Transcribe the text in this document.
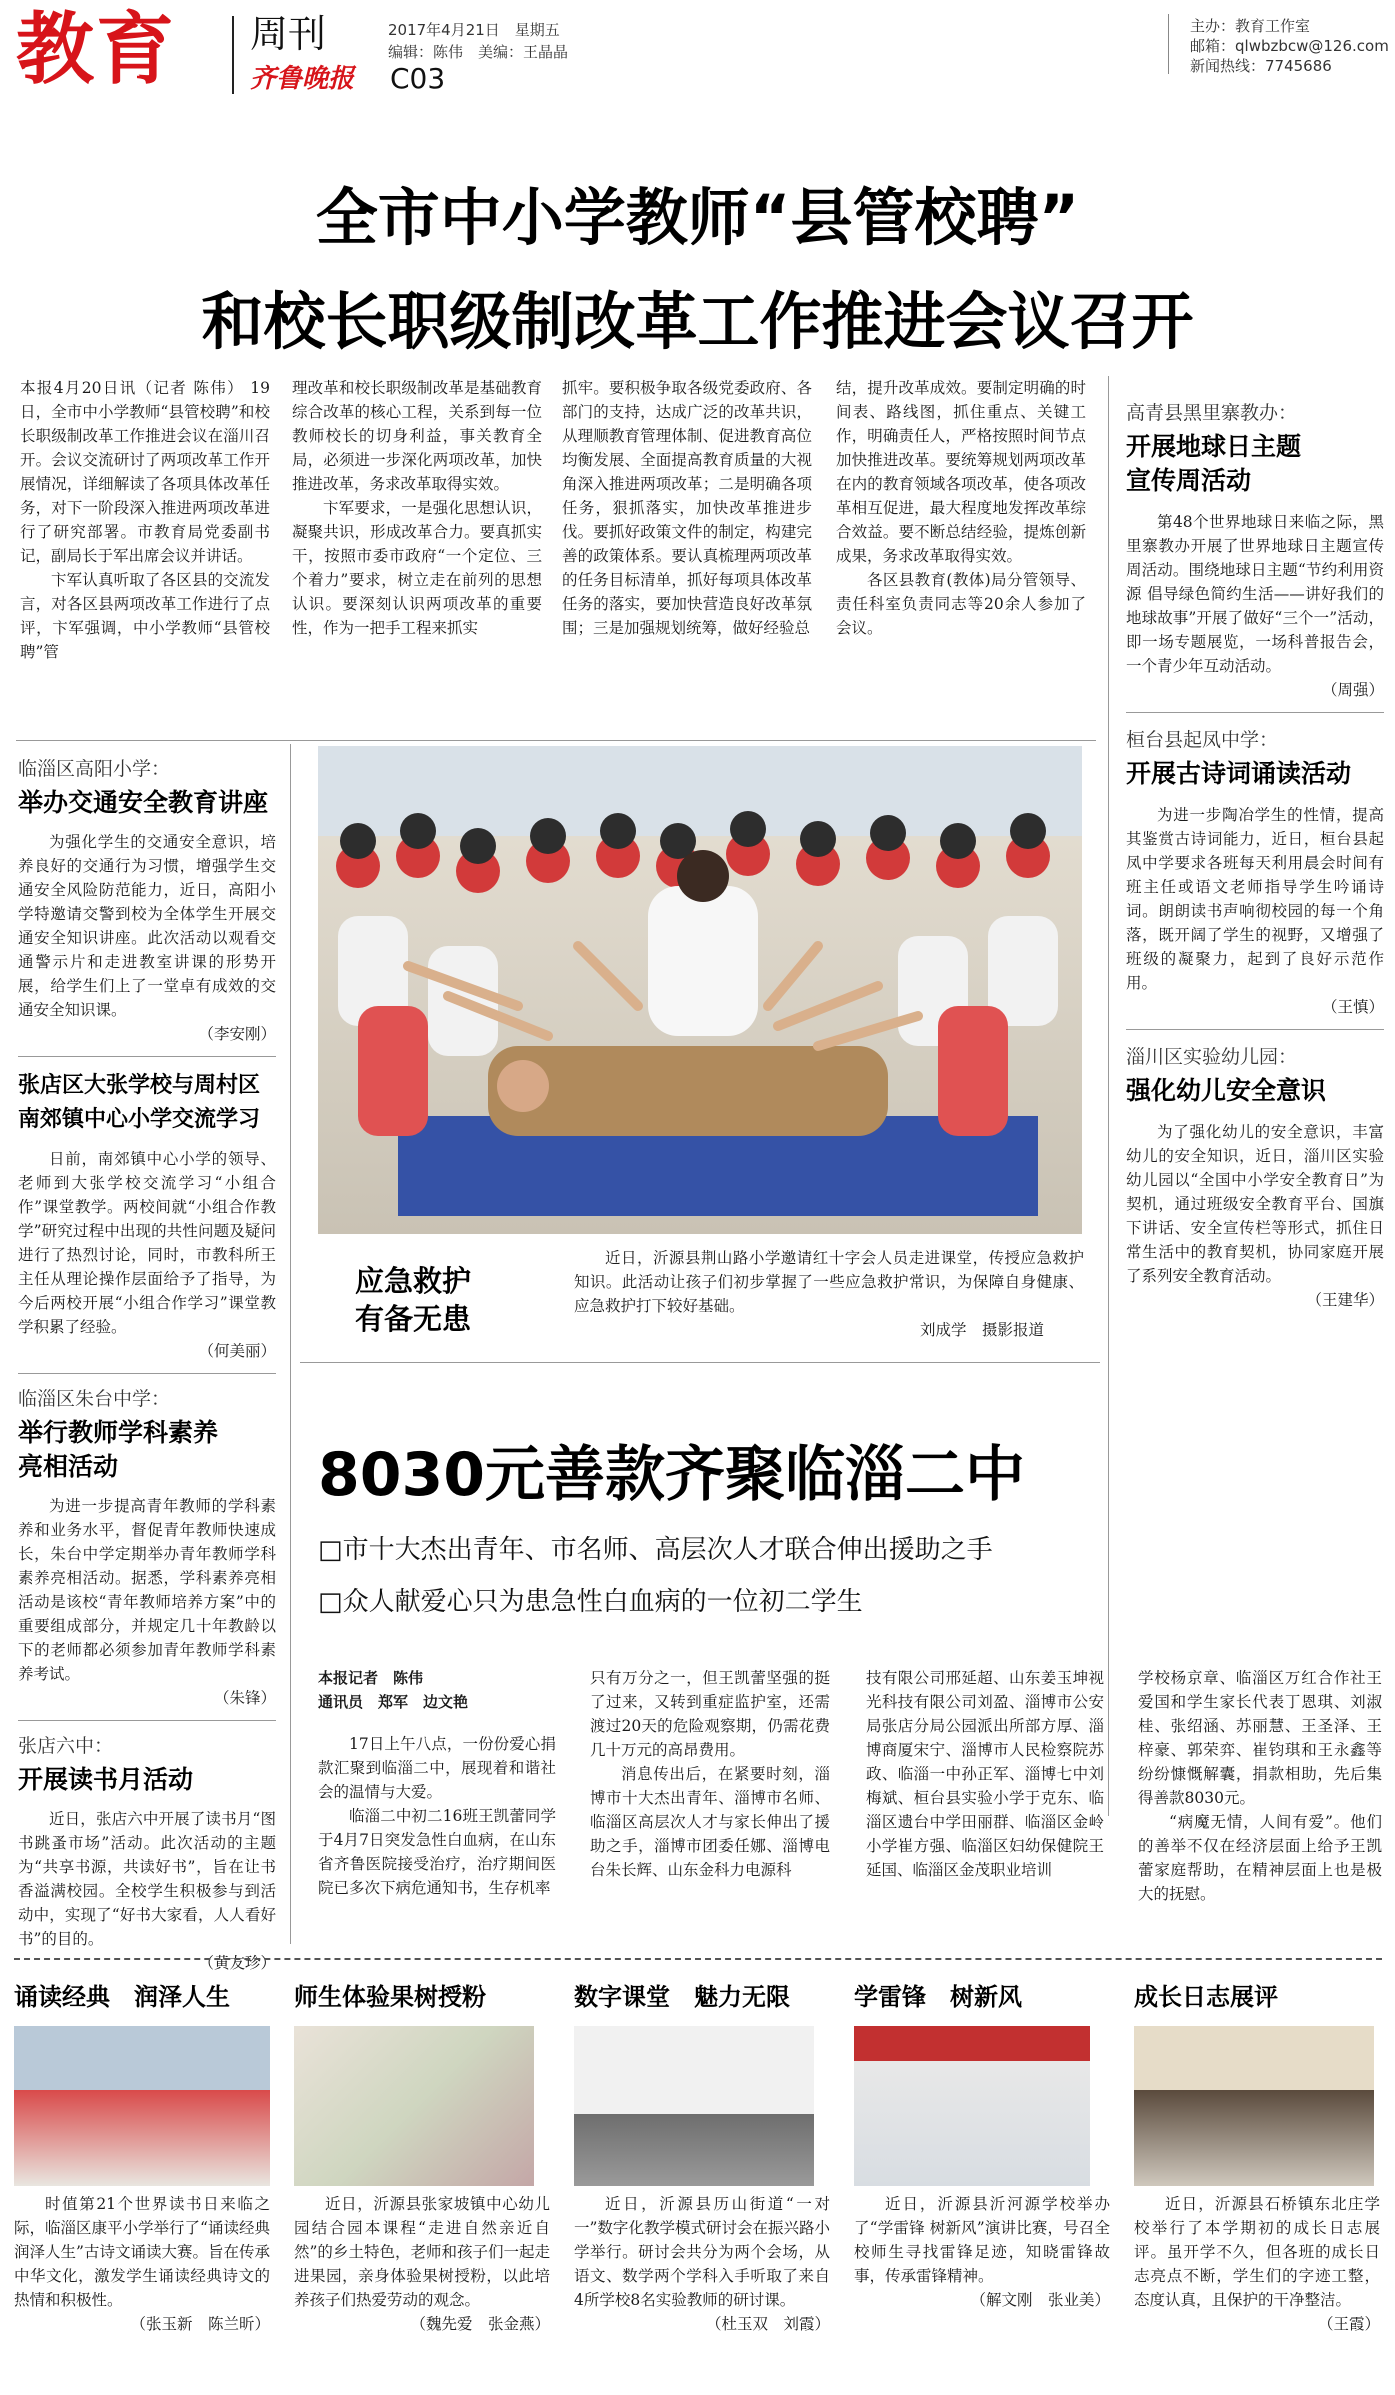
教育 周刊
齐鲁晚报 C03
2017年4月21日　星期五
编辑：陈伟　美编：王晶晶
主办：教育工作室
邮箱：qlwbzbcw@126.com
新闻热线：7745686
全市中小学教师“县管校聘”
和校长职级制改革工作推进会议召开

本报4月20日讯（记者 陈伟） 19日，全市中小学教师“县管校聘”和校长职级制改革工作推进会议在淄川召开。会议交流研讨了两项改革工作开展情况，详细解读了各项具体改革任务，对下一阶段深入推进两项改革进行了研究部署。市教育局党委副书记，副局长于军出席会议并讲话。

卞军认真听取了各区县的交流发言，对各区县两项改革工作进行了点评，卞军强调，中小学教师“县管校聘”管

理改革和校长职级制改革是基础教育综合改革的核心工程，关系到每一位教师校长的切身利益，事关教育全局，必须进一步深化两项改革，加快推进改革，务求改革取得实效。

卞军要求，一是强化思想认识，凝聚共识，形成改革合力。要真抓实干，按照市委市政府“一个定位、三个着力”要求，树立走在前列的思想认识。要深刻认识两项改革的重要性，作为一把手工程来抓实

抓牢。要积极争取各级党委政府、各部门的支持，达成广泛的改革共识，从理顺教育管理体制、促进教育高位均衡发展、全面提高教育质量的大视角深入推进两项改革；二是明确各项任务，狠抓落实，加快改革推进步伐。要抓好政策文件的制定，构建完善的政策体系。要认真梳理两项改革的任务目标清单，抓好每项具体改革任务的落实，要加快营造良好改革氛围；三是加强规划统筹，做好经验总

结，提升改革成效。要制定明确的时间表、路线图，抓住重点、关键工作，明确责任人，严格按照时间节点加快推进改革。要统筹规划两项改革在内的教育领域各项改革，使各项改革相互促进，最大程度地发挥改革综合效益。要不断总结经验，提炼创新成果，务求改革取得实效。

各区县教育(教体)局分管领导、责任科室负责同志等20余人参加了会议。

高青县黑里寨教办：
开展地球日主题
宣传周活动

第48个世界地球日来临之际，黑里寨教办开展了世界地球日主题宣传周活动。围绕地球日主题“节约利用资源 倡导绿色简约生活——讲好我们的地球故事”开展了做好“三个一”活动，即一场专题展览，一场科普报告会，一个青少年互动活动。

（周强）
桓台县起凤中学：
开展古诗词诵读活动

为进一步陶冶学生的性情，提高其鉴赏古诗词能力，近日，桓台县起凤中学要求各班每天利用晨会时间有班主任或语文老师指导学生吟诵诗词。朗朗读书声响彻校园的每一个角落，既开阔了学生的视野，又增强了班级的凝聚力，起到了良好示范作用。

（王慎）
淄川区实验幼儿园：
强化幼儿安全意识

为了强化幼儿的安全意识，丰富幼儿的安全知识，近日，淄川区实验幼儿园以“全国中小学安全教育日”为契机，通过班级安全教育平台、国旗下讲话、安全宣传栏等形式，抓住日常生活中的教育契机，协同家庭开展了系列安全教育活动。

（王建华）
临淄区高阳小学：
举办交通安全教育讲座

为强化学生的交通安全意识，培养良好的交通行为习惯，增强学生交通安全风险防范能力，近日，高阳小学特邀请交警到校为全体学生开展交通安全知识讲座。此次活动以观看交通警示片和走进教室讲课的形势开展，给学生们上了一堂卓有成效的交通安全知识课。

（李安刚）
张店区大张学校与周村区
南郊镇中心小学交流学习

日前，南郊镇中心小学的领导、老师到大张学校交流学习“小组合作”课堂教学。两校间就“小组合作教学”研究过程中出现的共性问题及疑问进行了热烈讨论，同时，市教科所王主任从理论操作层面给予了指导，为今后两校开展“小组合作学习”课堂教学积累了经验。

（何美丽）
临淄区朱台中学：
举行教师学科素养
亮相活动

为进一步提高青年教师的学科素养和业务水平，督促青年教师快速成长，朱台中学定期举办青年教师学科素养亮相活动。据悉，学科素养亮相活动是该校“青年教师培养方案”中的重要组成部分，并规定几十年教龄以下的老师都必须参加青年教师学科素养考试。

（朱锋）
张店六中：
开展读书月活动

近日，张店六中开展了读书月“图书跳蚤市场”活动。此次活动的主题为“共享书源，共读好书”，旨在让书香溢满校园。全校学生积极参与到活动中，实现了“好书大家看，人人看好书”的目的。

（黄友珍）
应急救护
有备无患

近日，沂源县荆山路小学邀请红十字会人员走进课堂，传授应急救护知识。此活动让孩子们初步掌握了一些应急救护常识，为保障自身健康、应急救护打下较好基础。

刘成学　摄影报道
8030元善款齐聚临淄二中
□市十大杰出青年、市名师、高层次人才联合伸出援助之手
□众人献爱心只为患急性白血病的一位初二学生
本报记者　陈伟
通讯员　郑军　边文艳

17日上午八点，一份份爱心捐款汇聚到临淄二中，展现着和谐社会的温情与大爱。

临淄二中初二16班王凯蕾同学于4月7日突发急性白血病，在山东省齐鲁医院接受治疗，治疗期间医院已多次下病危通知书，生存机率

只有万分之一，但王凯蕾坚强的挺了过来，又转到重症监护室，还需渡过20天的危险观察期，仍需花费几十万元的高昂费用。

消息传出后，在紧要时刻，淄博市十大杰出青年、淄博市名师、临淄区高层次人才与家长伸出了援助之手，淄博市团委任娜、淄博电台朱长辉、山东金科力电源科

技有限公司邢延超、山东姜玉坤视光科技有限公司刘盈、淄博市公安局张店分局公园派出所部方厚、淄博商厦宋宁、淄博市人民检察院苏政、临淄一中孙正军、淄博七中刘梅斌、桓台县实验小学于克东、临淄区遗台中学田丽群、临淄区金岭小学崔方强、临淄区妇幼保健院王延国、临淄区金茂职业培训

学校杨京章、临淄区万红合作社王爱国和学生家长代表丁恩琪、刘淑桂、张绍涵、苏丽慧、王圣泽、王梓豪、郭荣弈、崔钧琪和王永鑫等纷纷慷慨解囊，捐款相助，先后集得善款8030元。

“病魔无情，人间有爱”。他们的善举不仅在经济层面上给予王凯蕾家庭帮助，在精神层面上也是极大的抚慰。

诵读经典　润泽人生

时值第21个世界读书日来临之际，临淄区康平小学举行了“诵读经典 润泽人生”古诗文诵读大赛。旨在传承中华文化，激发学生诵读经典诗文的热情和积极性。

（张玉新　陈兰昕）
师生体验果树授粉

近日，沂源县张家坡镇中心幼儿园结合园本课程“走进自然亲近自然”的乡土特色，老师和孩子们一起走进果园，亲身体验果树授粉，以此培养孩子们热爱劳动的观念。

（魏先爱　张金燕）
数字课堂　魅力无限

近日，沂源县历山街道“一对一”数字化教学模式研讨会在振兴路小学举行。研讨会共分为两个会场，从语文、数学两个学科入手听取了来自4所学校8名实验教师的研讨课。

（杜玉双　刘霞）
学雷锋　树新风

近日，沂源县沂河源学校举办了“学雷锋 树新风”演讲比赛，号召全校师生寻找雷锋足迹，知晓雷锋故事，传承雷锋精神。

（解文刚　张业美）
成长日志展评

近日，沂源县石桥镇东北庄学校举行了本学期初的成长日志展评。虽开学不久，但各班的成长日志亮点不断，学生们的字迹工整，态度认真，且保护的干净整洁。

（王霞）
